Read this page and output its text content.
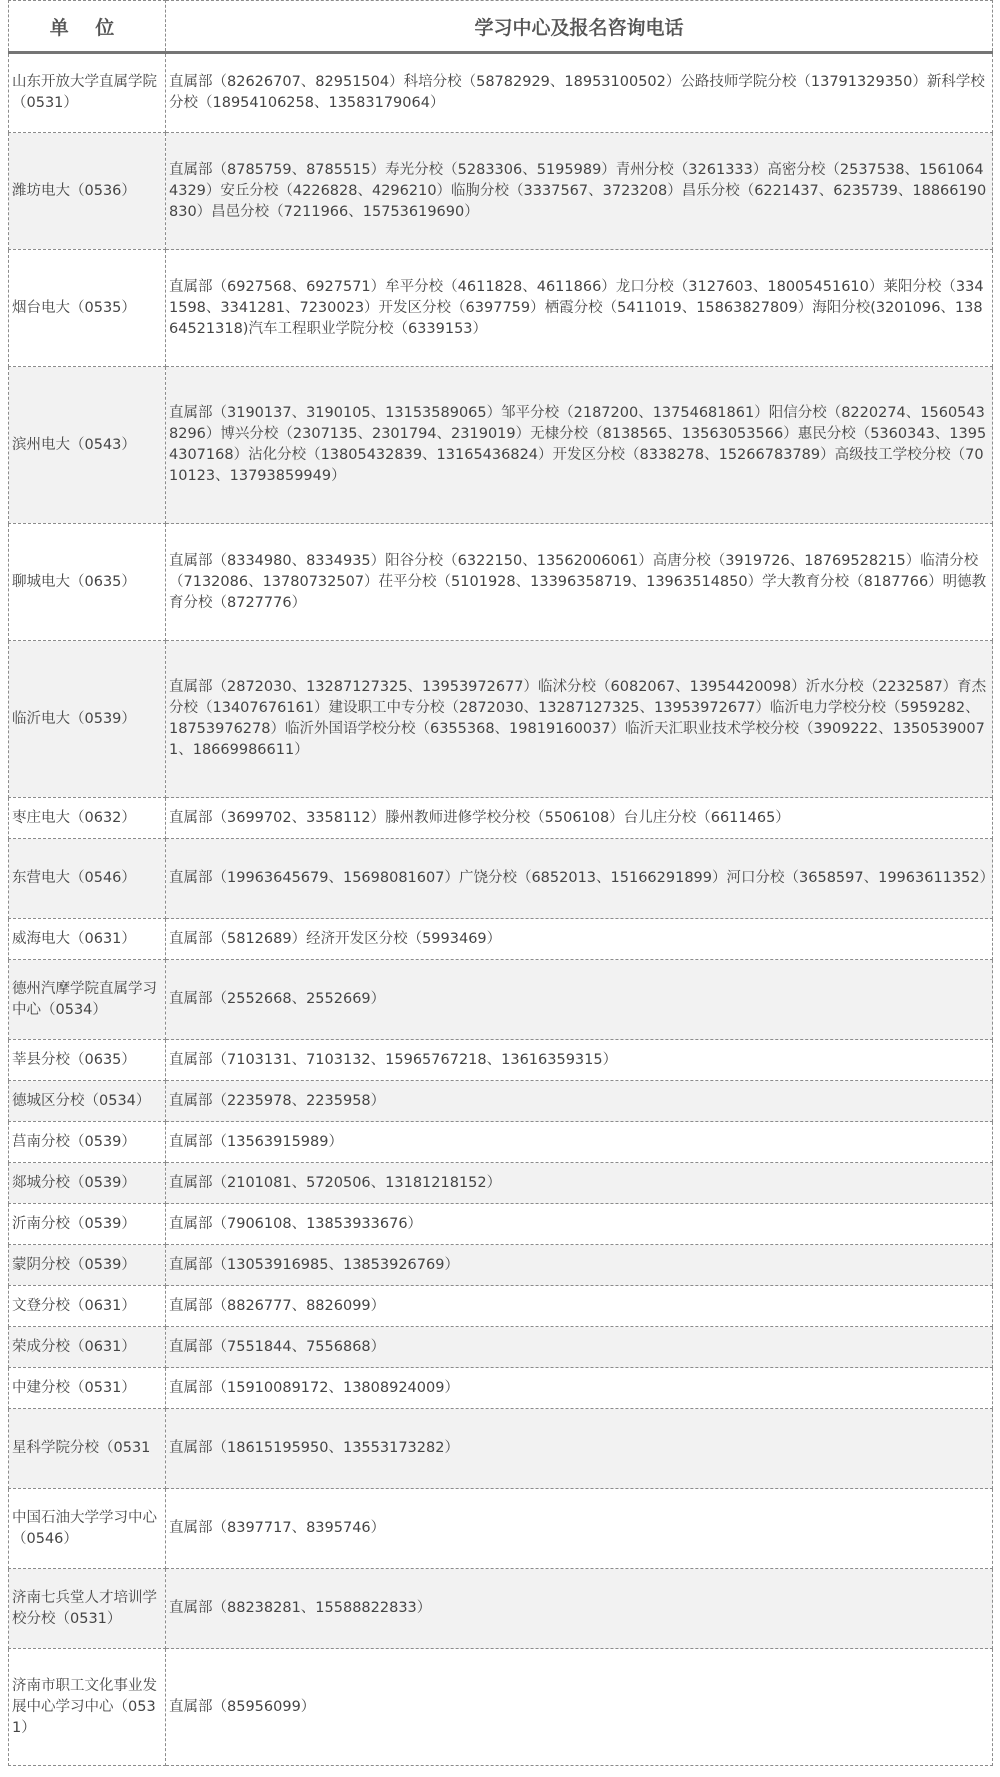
单 位	学习中心及报名咨询电话
山东开放大学直属学院（0531）	直属部（82626707、82951504）科培分校（58782929、18953100502）公路技师学院分校（13791329350）新科学校分校（18954106258、13583179064）
潍坊电大（0536）	直属部（8785759、8785515）寿光分校（5283306、5195989）青州分校（3261333）高密分校（2537538、15610644329）安丘分校（4226828、4296210）临朐分校（3337567、3723208）昌乐分校（6221437、6235739、18866190830）昌邑分校（7211966、15753619690）
烟台电大（0535）	直属部（6927568、6927571）牟平分校（4611828、4611866）龙口分校（3127603、18005451610）莱阳分校（3341598、3341281、7230023）开发区分校（6397759）栖霞分校（5411019、15863827809）海阳分校(3201096、13864521318)汽车工程职业学院分校（6339153）
滨州电大（0543）	直属部（3190137、3190105、13153589065）邹平分校（2187200、13754681861）阳信分校（8220274、15605438296）博兴分校（2307135、2301794、2319019）无棣分校（8138565、13563053566）惠民分校（5360343、13954307168）沾化分校（13805432839、13165436824）开发区分校（8338278、15266783789）高级技工学校分校（7010123、13793859949）
聊城电大（0635）	直属部（8334980、8334935）阳谷分校（6322150、13562006061）高唐分校（3919726、18769528215）临清分校（7132086、13780732507）茌平分校（5101928、13396358719、13963514850）学大教育分校（8187766）明德教育分校（8727776）
临沂电大（0539）	直属部（2872030、13287127325、13953972677）临沭分校（6082067、13954420098）沂水分校（2232587）育杰分校（13407676161）建设职工中专分校（2872030、13287127325、13953972677）临沂电力学校分校（5959282、18753976278）临沂外国语学校分校（6355368、19819160037）临沂天汇职业技术学校分校（3909222、13505390071、18669986611）
枣庄电大（0632）	直属部（3699702、3358112）滕州教师进修学校分校（5506108）台儿庄分校（6611465）
东营电大（0546）	直属部（19963645679、15698081607）广饶分校（6852013、15166291899）河口分校（3658597、19963611352）
威海电大（0631）	直属部（5812689）经济开发区分校（5993469）
德州汽摩学院直属学习中心（0534）	直属部（2552668、2552669）
莘县分校（0635）	直属部（7103131、7103132、15965767218、13616359315）
德城区分校（0534）	直属部（2235978、2235958）
莒南分校（0539）	直属部（13563915989）
郯城分校（0539）	直属部（2101081、5720506、13181218152）
沂南分校（0539）	直属部（7906108、13853933676）
蒙阴分校（0539）	直属部（13053916985、13853926769）
文登分校（0631）	直属部（8826777、8826099）
荣成分校（0631）	直属部（7551844、7556868）
中建分校（0531）	直属部（15910089172、13808924009）
星科学院分校（0531	直属部（18615195950、13553173282）
中国石油大学学习中心（0546）	直属部（8397717、8395746）
济南七兵堂人才培训学校分校（0531）	直属部（88238281、15588822833）
济南市职工文化事业发展中心学习中心（0531）	直属部（85956099）
